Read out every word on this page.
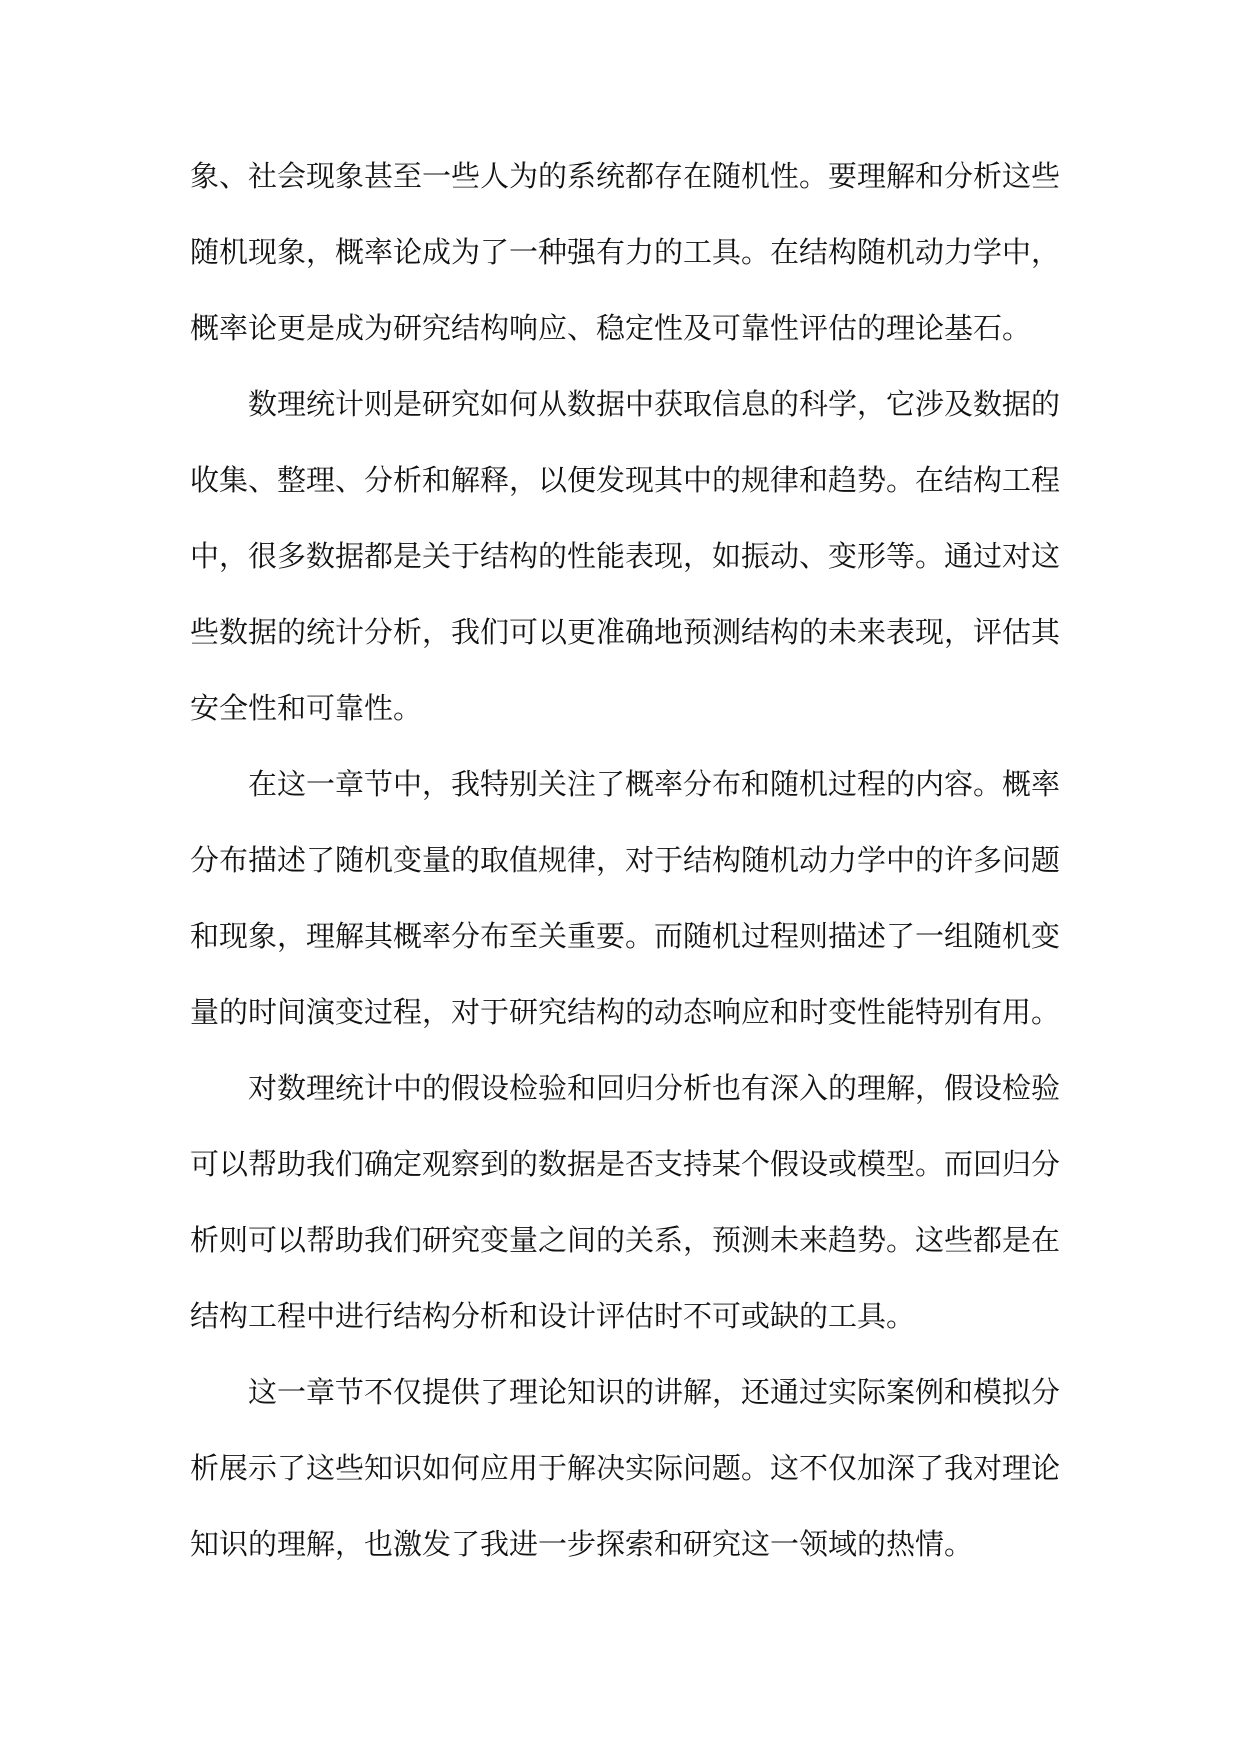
象、社会现象甚至一些人为的系统都存在随机性。要理解和分析这些
随机现象，概率论成为了一种强有力的工具。在结构随机动力学中，
概率论更是成为研究结构响应、稳定性及可靠性评估的理论基石。

数理统计则是研究如何从数据中获取信息的科学，它涉及数据的
收集、整理、分析和解释，以便发现其中的规律和趋势。在结构工程
中，很多数据都是关于结构的性能表现，如振动、变形等。通过对这
些数据的统计分析，我们可以更准确地预测结构的未来表现，评估其
安全性和可靠性。

在这一章节中，我特别关注了概率分布和随机过程的内容。概率
分布描述了随机变量的取值规律，对于结构随机动力学中的许多问题
和现象，理解其概率分布至关重要。而随机过程则描述了一组随机变
量的时间演变过程，对于研究结构的动态响应和时变性能特别有用。

对数理统计中的假设检验和回归分析也有深入的理解，假设检验
可以帮助我们确定观察到的数据是否支持某个假设或模型。而回归分
析则可以帮助我们研究变量之间的关系，预测未来趋势。这些都是在
结构工程中进行结构分析和设计评估时不可或缺的工具。

这一章节不仅提供了理论知识的讲解，还通过实际案例和模拟分
析展示了这些知识如何应用于解决实际问题。这不仅加深了我对理论
知识的理解，也激发了我进一步探索和研究这一领域的热情。
